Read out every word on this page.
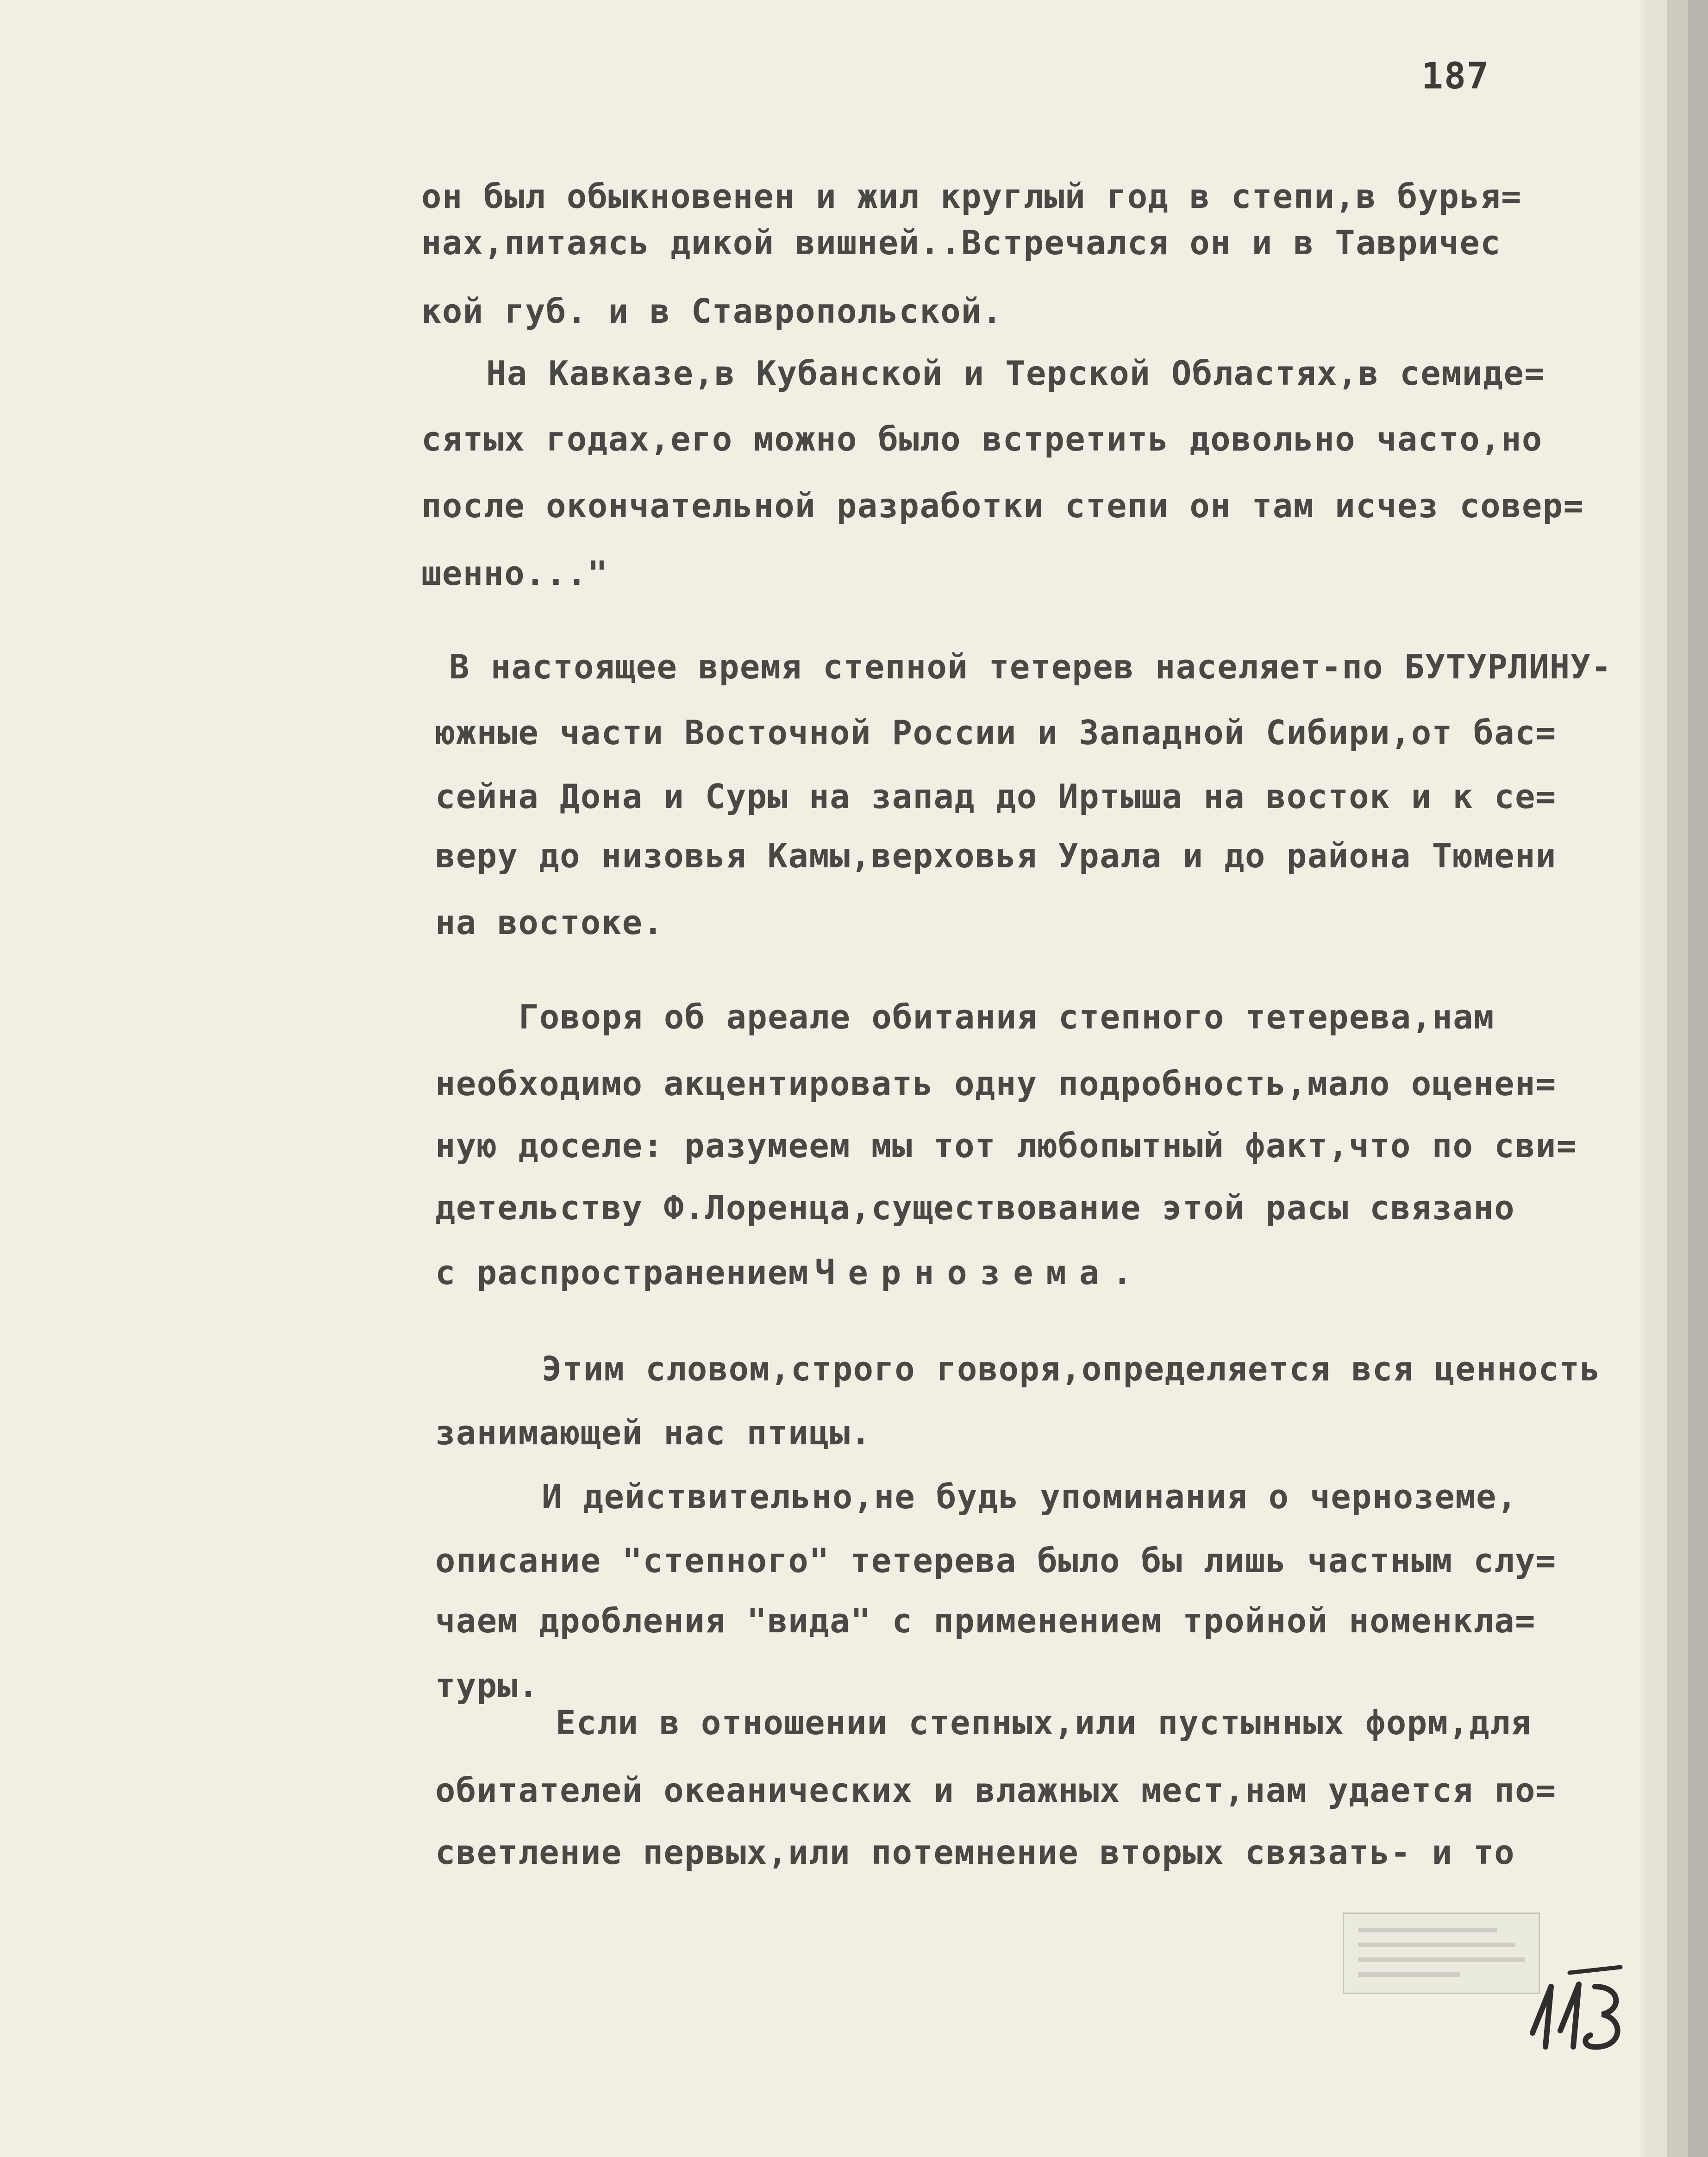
187
он был обыкновенен и жил круглый год в степи,в бурья=
нах,питаясь дикой вишней..Встречался он и в Тавричес
кой губ. и в Ставропольской.
На Кавказе,в Кубанской и Терской Областях,в семиде=
сятых годах,его можно было встретить довольно часто,но
после окончательной разработки степи он там исчез совер=
шенно..."
В настоящее время степной тетерев населяет-по БУТУРЛИНУ-
южные части Восточной России и Западной Сибири,от бас=
сейна Дона и Суры на запад до Иртыша на восток и к се=
веру до низовья Камы,верховья Урала и до района Тюмени
на востоке.
Говоря об ареале обитания степного тетерева,нам
необходимо акцентировать одну подробность,мало оценен=
ную доселе: разумеем мы тот любопытный факт,что по сви=
детельству Ф.Лоренца,существование этой расы связано
с распространением Чернозема.
Этим словом,строго говоря,определяется вся ценность
занимающей нас птицы.
И действительно,не будь упоминания о черноземе,
описание "степного" тетерева было бы лишь частным слу=
чаем дробления "вида" с применением тройной номенкла=
туры.
Если в отношении степных,или пустынных форм,для
обитателей океанических и влажных мест,нам удается по=
светление первых,или потемнение вторых связать- и то
